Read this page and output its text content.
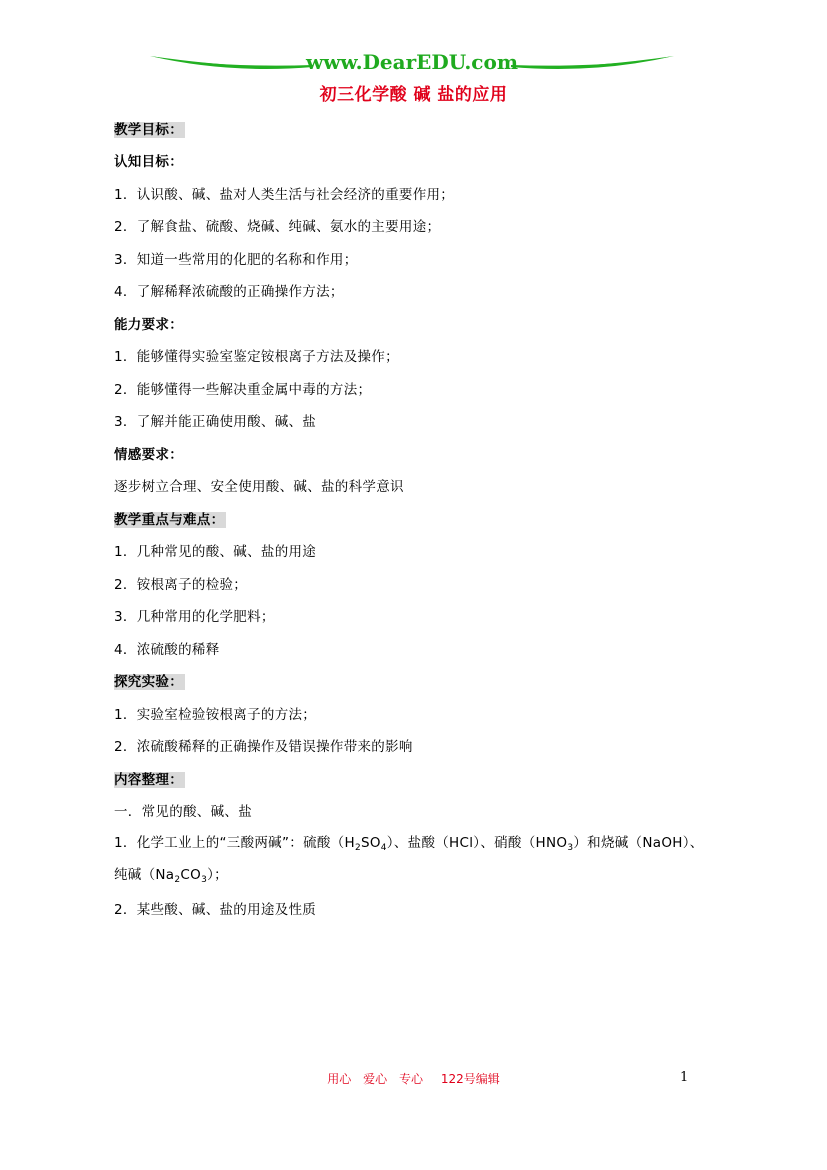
www.DearEDU.com
初三化学酸 碱 盐的应用
教学目标：
认知目标：
1．认识酸、碱、盐对人类生活与社会经济的重要作用；
2．了解食盐、硫酸、烧碱、纯碱、氨水的主要用途；
3．知道一些常用的化肥的名称和作用；
4．了解稀释浓硫酸的正确操作方法；
能力要求：
1．能够懂得实验室鉴定铵根离子方法及操作；
2．能够懂得一些解决重金属中毒的方法；
3．了解并能正确使用酸、碱、盐
情感要求：
逐步树立合理、安全使用酸、碱、盐的科学意识
教学重点与难点：
1．几种常见的酸、碱、盐的用途
2．铵根离子的检验；
3．几种常用的化学肥料；
4．浓硫酸的稀释
探究实验：
1．实验室检验铵根离子的方法；
2．浓硫酸稀释的正确操作及错误操作带来的影响
内容整理：
一．常见的酸、碱、盐
1．化学工业上的“三酸两碱”：硫酸$(H_2SO_4)$、盐酸（HCl）、硝酸$(HNO_3)$和烧碱（NaOH）、纯碱$(Na_2CO_3)$；
2．某些酸、碱、盐的用途及性质
用心 爱心 专心 122号编辑	1
